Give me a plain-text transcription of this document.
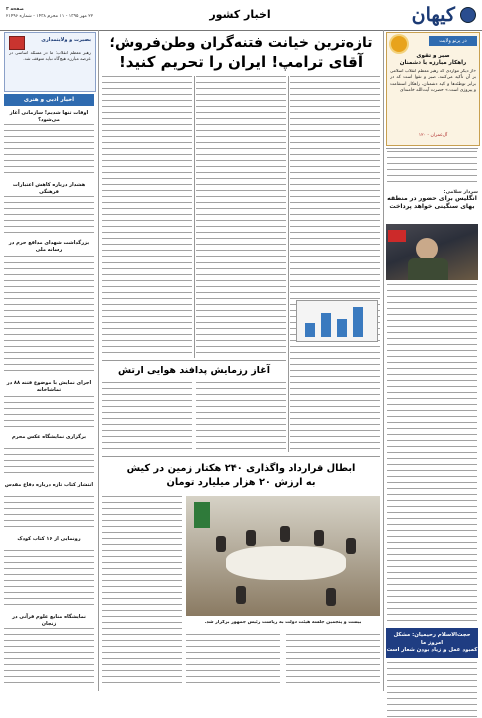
صفحه ۳
۲۲ مهر ۱۳۹۵ - ۱۱ محرم ۱۴۳۸ - شماره ۲۱۴۹۶	اخبار کشور	کیهان
در پرتو ولایت
صبر و تقوی
راهکار مبارزه با دشمنان
«از دیگر مواردی که رهبر معظم انقلاب اسلامی بر آن تأکید می‌کنند، صبر و تقوا است که در برابر توطئه‌ها و کید دشمنان، راهکار استقامت و پیروزی است.» حضرت آیت‌الله خامنه‌ای
آل‌عمران - ۱۲۰
سردار سلامی:
انگلیس برای حضور در منطقه
بهای سنگینی خواهد پرداخت
حجت‌الاسلام رحیمیان: مشکل امروز ما
کمبود عمل و زیاد بودن شعار است
بصیرت و ولایتمداری
رهبر معظم انقلاب: ما در مسئله اساسی در عرصه مبارزه هیچ‌گاه نباید متوقف شد.
اخبار ادبی و هنری
اوقات تنها‌ شدیم! سازمانی آغاز می‌شود؟
هشدار درباره کاهش اعتبارات فرهنگی
بزرگداشت شهدای مدافع حرم در رسانه ملی
اجرای نمایش با موضوع فتنه ۸۸ در تماشاخانه
برگزاری نمایشگاه عکس محرم
انتشار کتاب تازه درباره دفاع مقدس
رونمایی از ۱۶ کتاب کودک
نمایشگاه منابع علوم قرآنی در زنجان
تازه‌ترین خیانت فتنه‌گران وطن‌فروش؛
آقای ترامپ! ایران را تحریم کنید!
آغاز رزمایش پدافند هوایی ارتش
ابطال قرارداد واگذاری ۲۴۰ هکتار زمین در کیش
به ارزش ۲۰ هزار میلیارد تومان
بیست و پنجمین جلسه هیئت دولت به ریاست رئیس جمهور برگزار شد.
